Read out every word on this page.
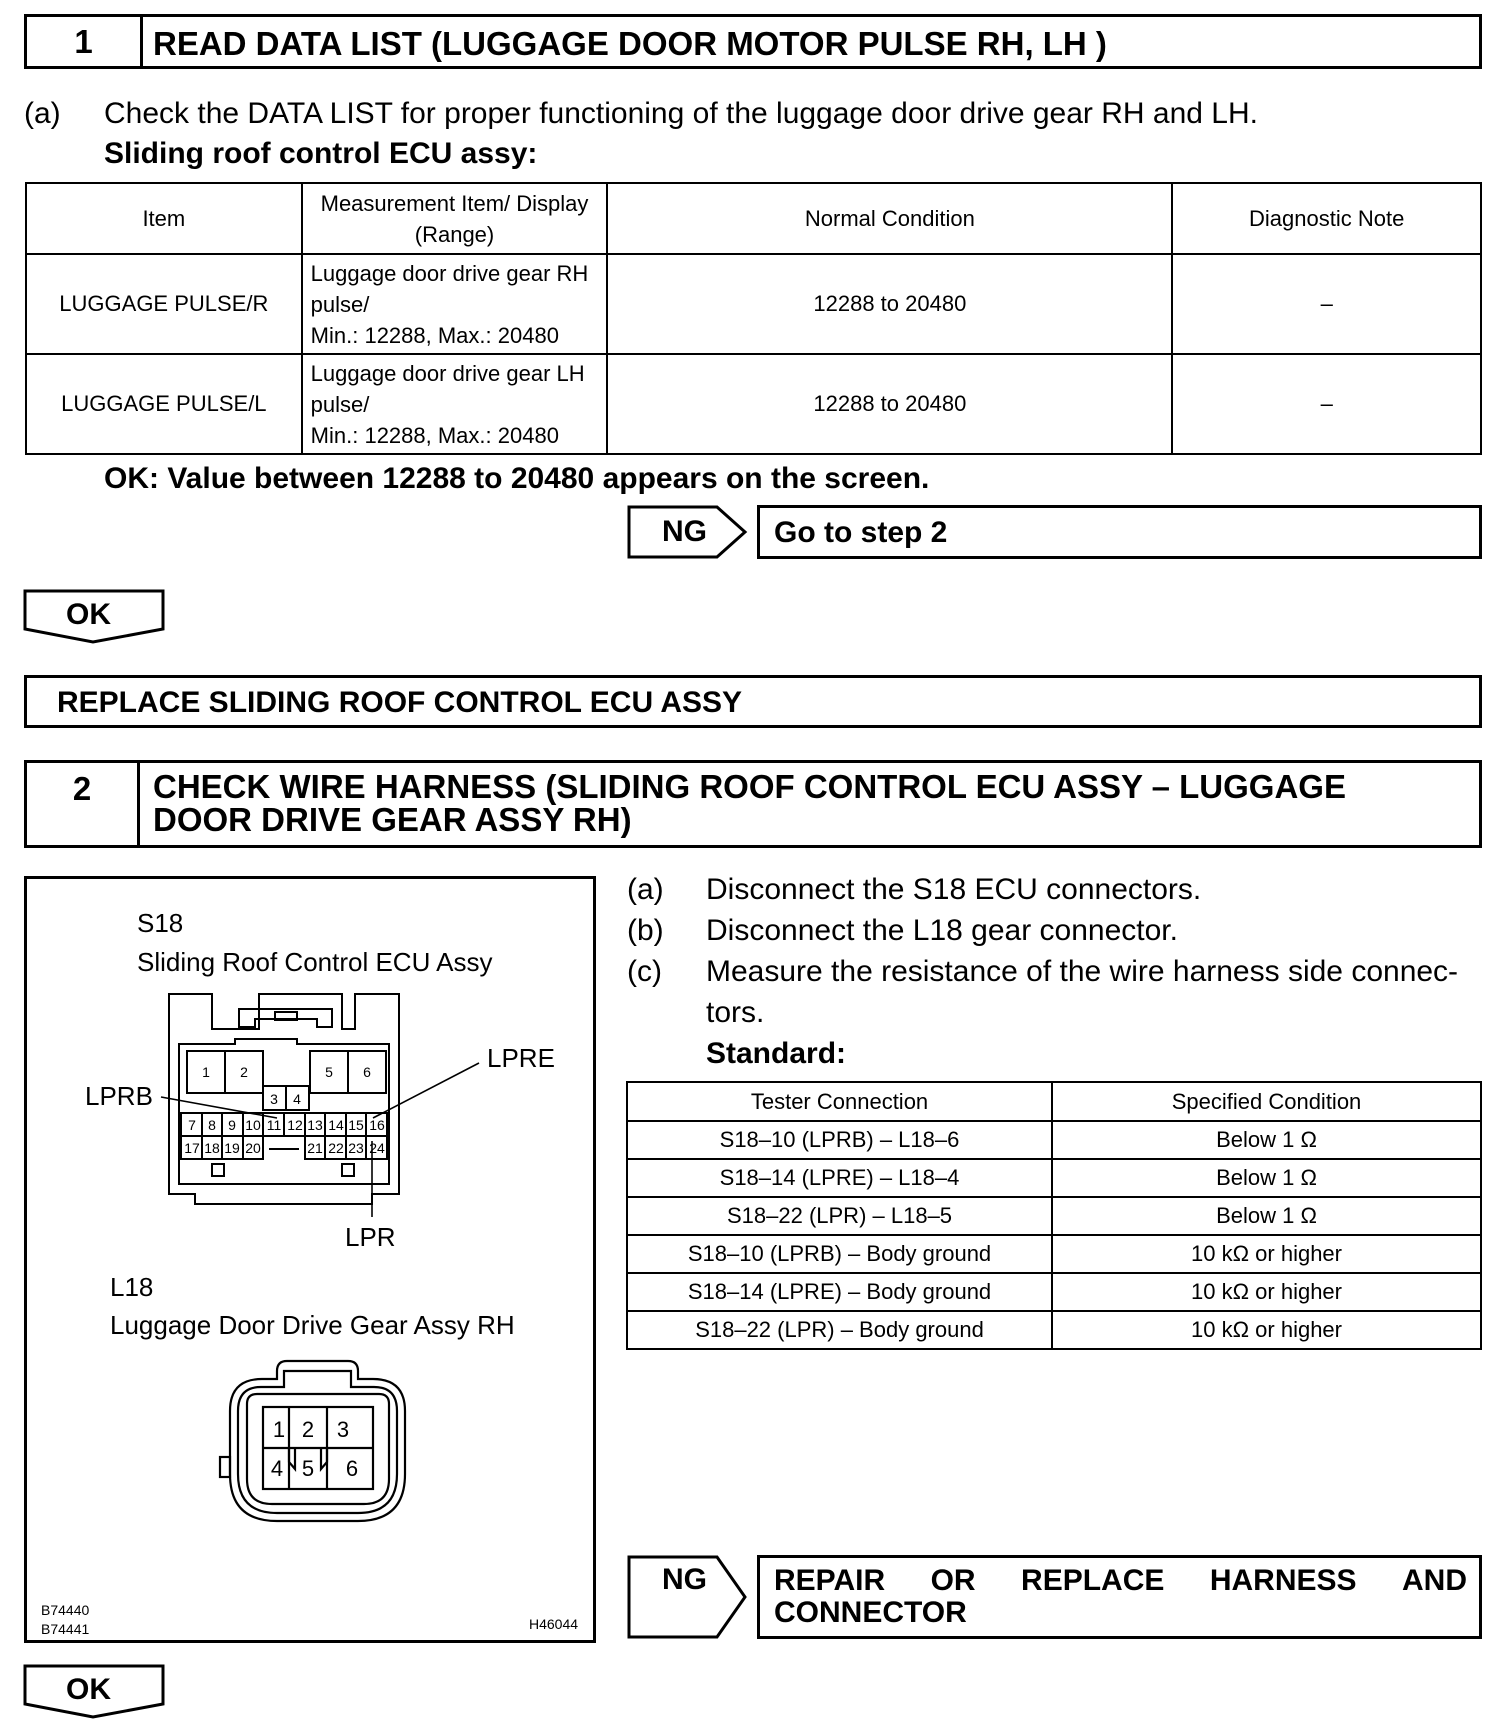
1	READ DATA LIST (LUGGAGE DOOR MOTOR PULSE RH, LH )
(a) Check the DATA LIST for proper functioning of the luggage door drive gear RH and LH.
Sliding roof control ECU assy:
Item	Measurement Item/ Display (Range)	Normal Condition	Diagnostic Note
LUGGAGE PULSE/R	Luggage door drive gear RH
pulse/
Min.: 12288, Max.: 20480	12288 to 20480	–
LUGGAGE PULSE/L	Luggage door drive gear LH
pulse/
Min.: 12288, Max.: 20480	12288 to 20480	–
OK: Value between 12288 to 20480 appears on the screen.
NG Go to step 2
OK
REPLACE SLIDING ROOF CONTROL ECU ASSY
2	CHECK WIRE HARNESS (SLIDING ROOF CONTROL ECU ASSY – LUGGAGE
DOOR DRIVE GEAR ASSY RH)
S18
Sliding Roof Control ECU Assy
1 2	5 6
3 4
7 8 9 10 11 12 13 14 15 16
17 18 19 20	21 22 23 24
LPRB
LPRE
LPR
L18
Luggage Door Drive Gear Assy RH
1 2 3
4 5 6
B74440
B74441	H46044
(a) Disconnect the S18 ECU connectors.
(b) Disconnect the L18 gear connector.
(c) Measure the resistance of the wire harness side connec-
tors.
Standard:
Tester Connection	Specified Condition
S18–10 (LPRB) – L18–6	Below 1 Ω
S18–14 (LPRE) – L18–4	Below 1 Ω
S18–22 (LPR) – L18–5	Below 1 Ω
S18–10 (LPRB) – Body ground	10 kΩ or higher
S18–14 (LPRE) – Body ground	10 kΩ or higher
S18–22 (LPR) – Body ground	10 kΩ or higher
NG REPAIR OR REPLACE HARNESS AND
CONNECTOR
OK
